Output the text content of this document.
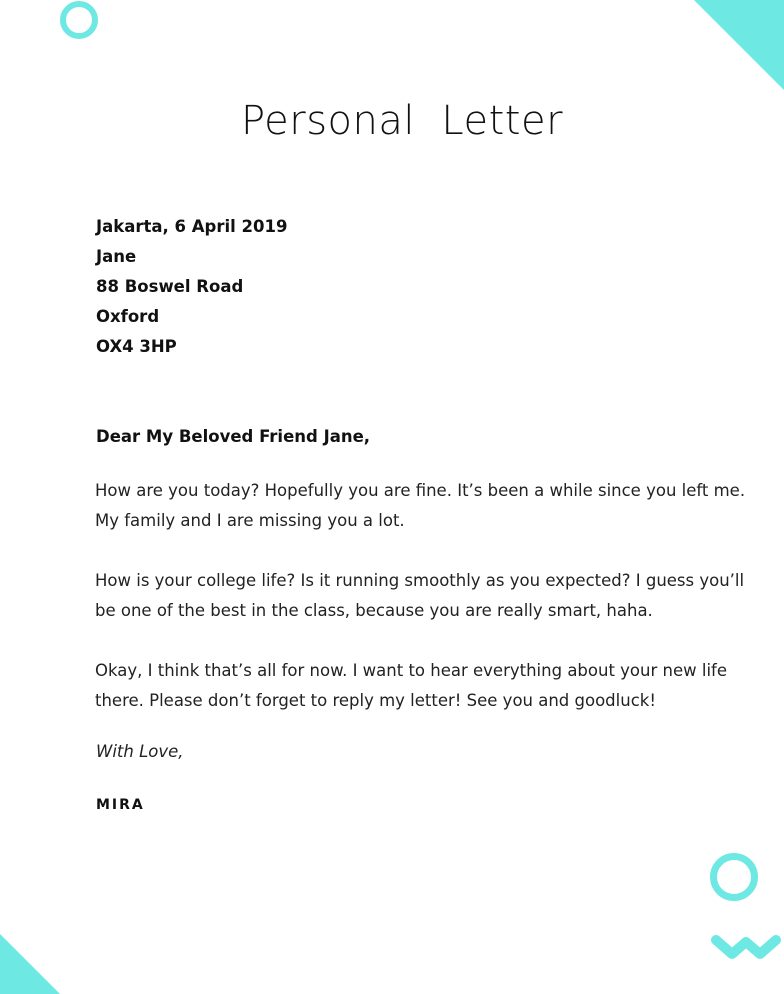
Personal  Letter
Jakarta, 6 April 2019
Jane
88 Boswel Road
Oxford
OX4 3HP
Dear My Beloved Friend Jane,
How are you today? Hopefully you are fine. It’s been a while since you left me.
My family and I are missing you a lot.
How is your college life? Is it running smoothly as you expected? I guess you’ll
be one of the best in the class, because you are really smart, haha.
Okay, I think that’s all for now. I want to hear everything about your new life
there. Please don’t forget to reply my letter! See you and goodluck!
With Love,
MIRA
